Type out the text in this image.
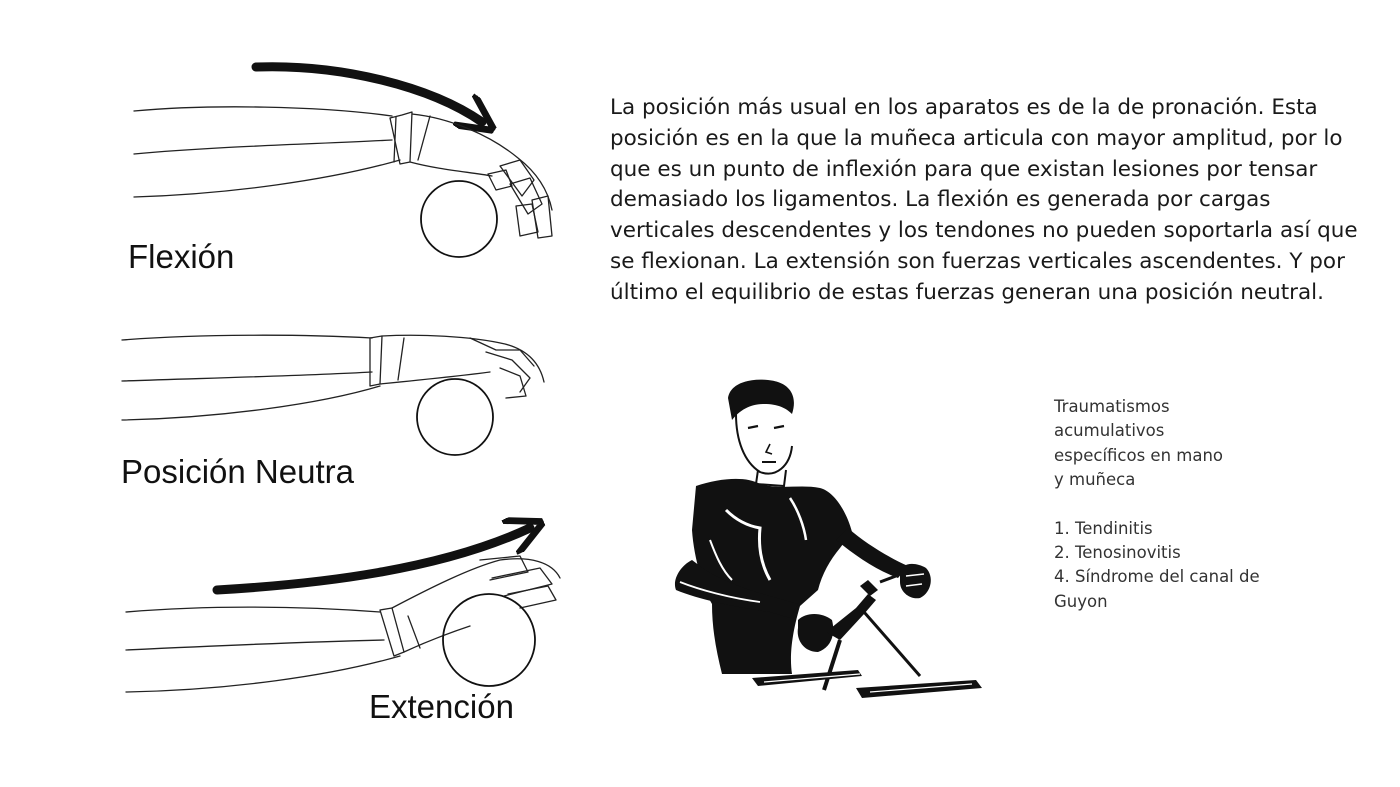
Flexión
Posición Neutra
Extención

La posición más usual en los aparatos es de la de pronación. Esta posición es en la que la muñeca articula con mayor amplitud, por lo que es un punto de inflexión para que existan lesiones por tensar demasiado los ligamentos. La flexión es generada por cargas verticales descendentes y los tendones no pueden soportarla así que se flexionan. La extensión son fuerzas verticales ascendentes. Y por último el equilibrio de estas fuerzas generan una posición neutral.

Traumatismos
acumulativos
específicos en mano
y muñeca

1. Tendinitis
2. Tenosinovitis
4. Síndrome del canal de Guyon
